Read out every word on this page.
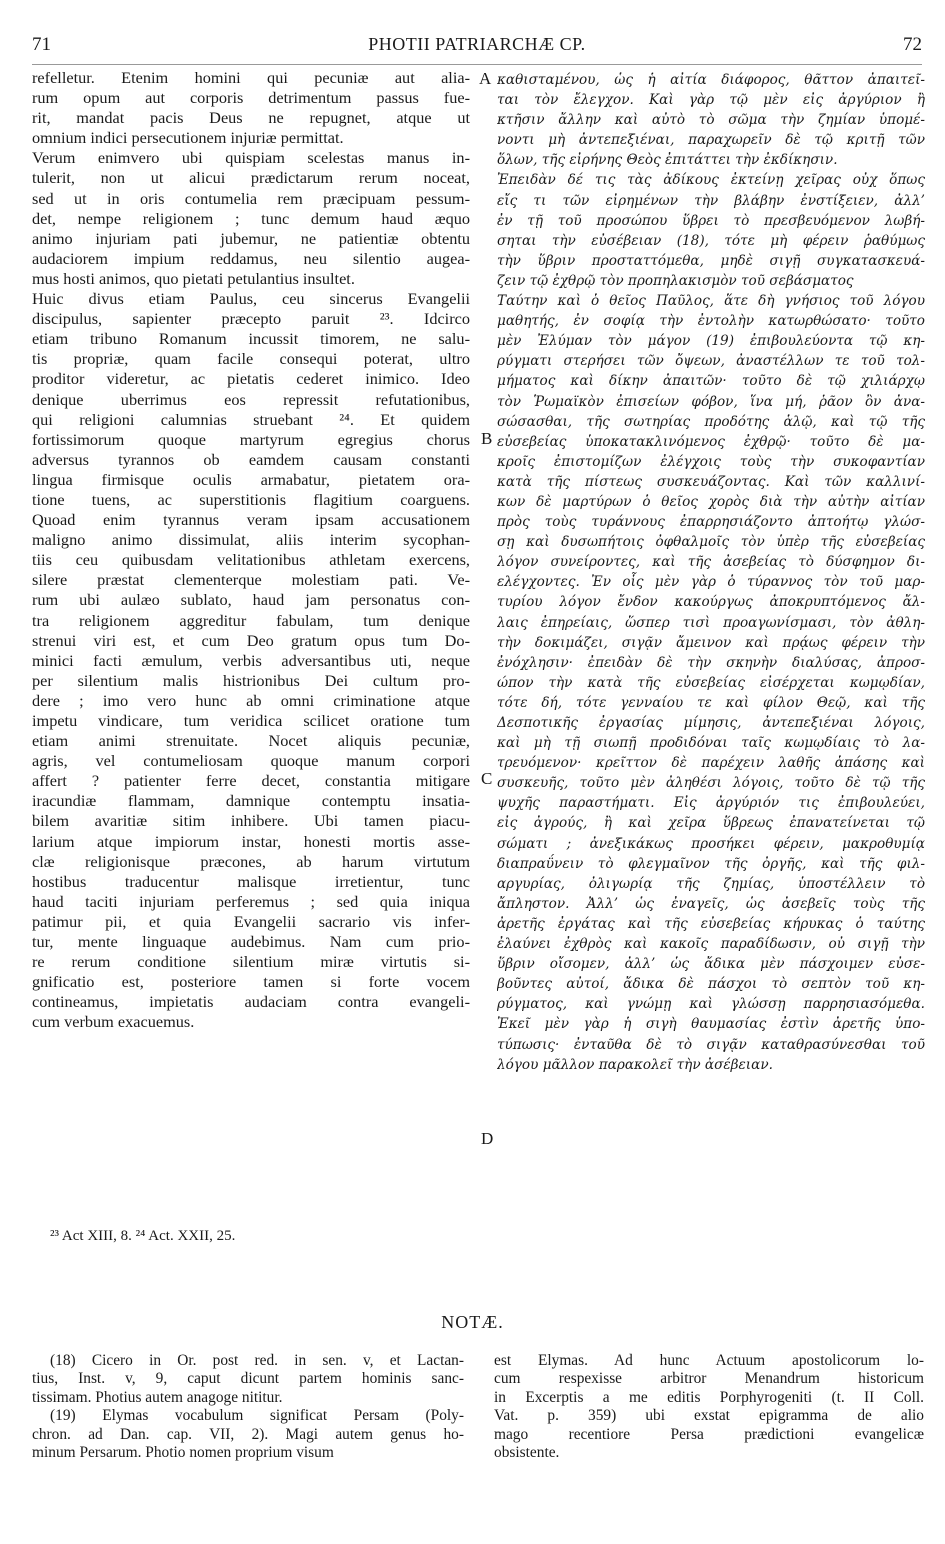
71	PHOTII PATRIARCHÆ CP.	72
refelletur. Etenim homini qui pecuniæ aut alia-
rum opum aut corporis detrimentum passus fue-
rit, mandat pacis Deus ne repugnet, atque ut
omnium indici persecutionem injuriæ permittat.
Verum enimvero ubi quispiam scelestas manus in-
tulerit, non ut alicui prædictarum rerum noceat,
sed ut in oris contumelia rem præcipuam pessum-
det, nempe religionem ; tunc demum haud æquo
animo injuriam pati jubemur, ne patientiæ obtentu
audaciorem impium reddamus, neu silentio augea-
mus hosti animos, quo pietati petulantius insultet.
Huic divus etiam Paulus, ceu sincerus Evangelii
discipulus, sapienter præcepto paruit ²³. Idcirco
etiam tribuno Romanum incussit timorem, ne salu-
tis propriæ, quam facile consequi poterat, ultro
proditor videretur, ac pietatis cederet inimico. Ideo
denique uberrimus eos repressit refutationibus,
qui religioni calumnias struebant ²⁴. Et quidem
fortissimorum quoque martyrum egregius chorus
adversus tyrannos ob eamdem causam constanti
lingua firmisque oculis armabatur, pietatem ora-
tione tuens, ac superstitionis flagitium coarguens.
Quoad enim tyrannus veram ipsam accusationem
maligno animo dissimulat, aliis interim sycophan-
tiis ceu quibusdam velitationibus athletam exercens,
silere præstat clementerque molestiam pati. Ve-
rum ubi aulæo sublato, haud jam personatus con-
tra religionem aggreditur fabulam, tum denique
strenui viri est, et cum Deo gratum opus tum Do-
minici facti æmulum, verbis adversantibus uti, neque
per silentium malis histrionibus Dei cultum pro-
dere ; imo vero hunc ab omni criminatione atque
impetu vindicare, tum veridica scilicet oratione tum
etiam animi strenuitate. Nocet aliquis pecuniæ,
agris, vel contumeliosam quoque manum corpori
affert ? patienter ferre decet, constantia mitigare
iracundiæ flammam, damnique contemptu insatia-
bilem avaritiæ sitim inhibere. Ubi tamen piacu-
larium atque impiorum instar, honesti mortis asse-
clæ religionisque præcones, ab harum virtutum
hostibus traducentur malisque irretientur, tunc
haud taciti injuriam perferemus ; sed quia iniqua
patimur pii, et quia Evangelii sacrario vis infer-
tur, mente linguaque audebimus. Nam cum prio-
re rerum conditione silentium miræ virtutis si-
gnificatio est, posteriore tamen si forte vocem
contineamus, impietatis audaciam contra evangeli-
cum verbum exacuemus.
A
B
C
D
καθισταμένου, ὡς ἡ αἰτία διάφορος, θᾶττον ἀπαιτεῖ-
ται τὸν ἔλεγχον. Καὶ γὰρ τῷ μὲν εἰς ἀργύριον ἢ
κτῆσιν ἄλλην καὶ αὐτὸ τὸ σῶμα τὴν ζημίαν ὑπομέ-
νοντι μὴ ἀντεπεξιέναι, παραχωρεῖν δὲ τῷ κριτῇ τῶν
ὅλων, τῆς εἰρήνης Θεὸς ἐπιτάττει τὴν ἐκδίκησιν.
Ἐπειδὰν δέ τις τὰς ἀδίκους ἐκτείνῃ χεῖρας οὐχ ὅπως
εἴς τι τῶν εἰρημένων τὴν βλάβην ἐνστίξειεν, ἀλλ’
ἐν τῇ τοῦ προσώπου ὕβρει τὸ πρεσβευόμενον λωβή-
σηται τὴν εὐσέβειαν (18), τότε μὴ φέρειν ῥαθύμως
τὴν ὕβριν προσταττόμεθα, μηδὲ σιγῇ συγκατασκευά-
ζειν τῷ ἐχθρῷ τὸν προπηλακισμὸν τοῦ σεβάσματος
Ταύτην καὶ ὁ θεῖος Παῦλος, ἅτε δὴ γνήσιος τοῦ λόγου
μαθητής, ἐν σοφίᾳ τὴν ἐντολὴν κατωρθώσατο· τοῦτο
μὲν Ἐλύμαν τὸν μάγον (19) ἐπιβουλεύοντα τῷ κη-
ρύγματι στερήσει τῶν ὄψεων, ἀναστέλλων τε τοῦ τολ-
μήματος καὶ δίκην ἀπαιτῶν· τοῦτο δὲ τῷ χιλιάρχῳ
τὸν Ῥωμαϊκὸν ἐπισείων φόβον, ἵνα μή, ῥᾶον ὂν ἀνα-
σώσασθαι, τῆς σωτηρίας προδότης ἁλῷ, καὶ τῷ τῆς
εὐσεβείας ὑποκατακλινόμενος ἐχθρῷ· τοῦτο δὲ μα-
κροῖς ἐπιστομίζων ἐλέγχοις τοὺς τὴν συκοφαντίαν
κατὰ τῆς πίστεως συσκευάζοντας. Καὶ τῶν καλλινί-
κων δὲ μαρτύρων ὁ θεῖος χορὸς διὰ τὴν αὐτὴν αἰτίαν
πρὸς τοὺς τυράννους ἐπαρρησιάζοντο ἀπτοήτῳ γλώσ-
σῃ καὶ δυσωπήτοις ὀφθαλμοῖς τὸν ὑπὲρ τῆς εὐσεβείας
λόγον συνείροντες, καὶ τῆς ἀσεβείας τὸ δύσφημον δι-
ελέγχοντες. Ἐν οἷς μὲν γὰρ ὁ τύραννος τὸν τοῦ μαρ-
τυρίου λόγον ἔνδον κακούργως ἀποκρυπτόμενος ἄλ-
λαις ἐπηρείαις, ὥσπερ τισὶ προαγωνίσμασι, τὸν ἀθλη-
τὴν δοκιμάζει, σιγᾷν ἄμεινον καὶ πρᾴως φέρειν τὴν
ἐνόχλησιν· ἐπειδὰν δὲ τὴν σκηνὴν διαλύσας, ἀπροσ-
ώπον τὴν κατὰ τῆς εὐσεβείας εἰσέρχεται κωμῳδίαν,
τότε δή, τότε γενναίου τε καὶ φίλον Θεῷ, καὶ τῆς
Δεσποτικῆς ἐργασίας μίμησις, ἀντεπεξιέναι λόγοις,
καὶ μὴ τῇ σιωπῇ προδιδόναι ταῖς κωμῳδίαις τὸ λα-
τρευόμενον· κρεῖττον δὲ παρέχειν λαθῆς ἁπάσης καὶ
συσκευῆς, τοῦτο μὲν ἀληθέσι λόγοις, τοῦτο δὲ τῷ τῆς
ψυχῆς παραστήματι. Εἰς ἀργύριόν τις ἐπιβουλεύει,
εἰς ἀγρούς, ἢ καὶ χεῖρα ὕβρεως ἐπανατείνεται τῷ
σώματι ; ἀνεξικάκως προσήκει φέρειν, μακροθυμίᾳ
διαπραΰνειν τὸ φλεγμαῖνον τῆς ὀργῆς, καὶ τῆς φιλ-
αργυρίας, ὀλιγωρίᾳ τῆς ζημίας, ὑποστέλλειν τὸ
ἄπληστον. Ἀλλ’ ὡς ἐναγεῖς, ὡς ἀσεβεῖς τοὺς τῆς
ἀρετῆς ἐργάτας καὶ τῆς εὐσεβείας κήρυκας ὁ ταύτης
ἐλαύνει ἐχθρὸς καὶ κακοῖς παραδίδωσιν, οὐ σιγῇ τὴν
ὕβριν οἴσομεν, ἀλλ’ ὡς ἄδικα μὲν πάσχοιμεν εὐσε-
βοῦντες αὐτοί, ἄδικα δὲ πάσχοι τὸ σεπτὸν τοῦ κη-
ρύγματος, καὶ γνώμῃ καὶ γλώσσῃ παρρησιασόμεθα.
Ἐκεῖ μὲν γὰρ ἡ σιγὴ θαυμασίας ἐστὶν ἀρετῆς ὑπο-
τύπωσις· ἐνταῦθα δὲ τὸ σιγᾷν καταθρασύνεσθαι τοῦ
λόγου μᾶλλον παρακολεῖ τὴν ἀσέβειαν.
²³ Act XIII, 8. ²⁴ Act. XXII, 25.
NOTÆ.
(18) Cicero in Or. post red. in sen. v, et Lactan-
tius, Inst. v, 9, caput dicunt partem hominis sanc-
tissimam. Photius autem anagoge nititur.
(19) Elymas vocabulum significat Persam (Poly-
chron. ad Dan. cap. VII, 2). Magi autem genus ho-
minum Persarum. Photio nomen proprium visum
est Elymas. Ad hunc Actuum apostolicorum lo-
cum respexisse arbitror Menandrum historicum
in Excerptis a me editis Porphyrogeniti (t. II Coll.
Vat. p. 359) ubi exstat epigramma de alio
mago recentiore Persa prædictioni evangelicæ
obsistente.
